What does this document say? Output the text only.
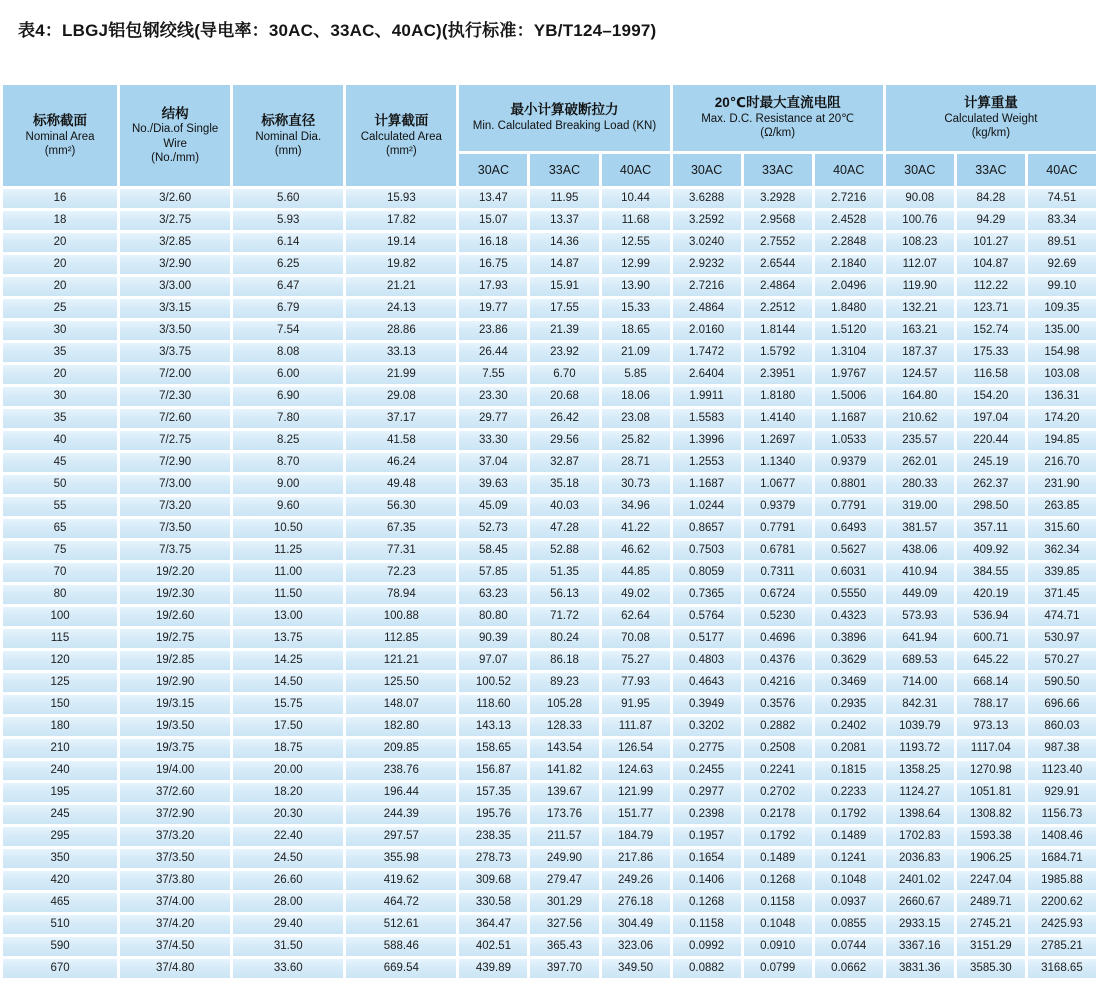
表4：LBGJ铝包钢绞线(导电率：30AC、33AC、40AC)(执行标准：YB/T124–1997)
标称截面
Nominal Area
(mm²)

结构
No./Dia.of Single Wire
(No./mm)

标称直径
Nominal Dia.
(mm)

计算截面
Calculated Area
(mm²)

最小计算破断拉力
Min. Calculated Breaking Load (KN)

20℃时最大直流电阻
Max. D.C. Resistance at 20℃
(Ω/km)

计算重量
Calculated Weight
(kg/km)

				30AC	33AC	40AC	30AC	33AC	40AC	30AC	33AC	40AC
16	3/2.60	5.60	15.93	13.47	11.95	10.44	3.6288	3.2928	2.7216	90.08	84.28	74.51
18	3/2.75	5.93	17.82	15.07	13.37	11.68	3.2592	2.9568	2.4528	100.76	94.29	83.34
20	3/2.85	6.14	19.14	16.18	14.36	12.55	3.0240	2.7552	2.2848	108.23	101.27	89.51
20	3/2.90	6.25	19.82	16.75	14.87	12.99	2.9232	2.6544	2.1840	112.07	104.87	92.69
20	3/3.00	6.47	21.21	17.93	15.91	13.90	2.7216	2.4864	2.0496	119.90	112.22	99.10
25	3/3.15	6.79	24.13	19.77	17.55	15.33	2.4864	2.2512	1.8480	132.21	123.71	109.35
30	3/3.50	7.54	28.86	23.86	21.39	18.65	2.0160	1.8144	1.5120	163.21	152.74	135.00
35	3/3.75	8.08	33.13	26.44	23.92	21.09	1.7472	1.5792	1.3104	187.37	175.33	154.98
20	7/2.00	6.00	21.99	7.55	6.70	5.85	2.6404	2.3951	1.9767	124.57	116.58	103.08
30	7/2.30	6.90	29.08	23.30	20.68	18.06	1.9911	1.8180	1.5006	164.80	154.20	136.31
35	7/2.60	7.80	37.17	29.77	26.42	23.08	1.5583	1.4140	1.1687	210.62	197.04	174.20
40	7/2.75	8.25	41.58	33.30	29.56	25.82	1.3996	1.2697	1.0533	235.57	220.44	194.85
45	7/2.90	8.70	46.24	37.04	32.87	28.71	1.2553	1.1340	0.9379	262.01	245.19	216.70
50	7/3.00	9.00	49.48	39.63	35.18	30.73	1.1687	1.0677	0.8801	280.33	262.37	231.90
55	7/3.20	9.60	56.30	45.09	40.03	34.96	1.0244	0.9379	0.7791	319.00	298.50	263.85
65	7/3.50	10.50	67.35	52.73	47.28	41.22	0.8657	0.7791	0.6493	381.57	357.11	315.60
75	7/3.75	11.25	77.31	58.45	52.88	46.62	0.7503	0.6781	0.5627	438.06	409.92	362.34
70	19/2.20	11.00	72.23	57.85	51.35	44.85	0.8059	0.7311	0.6031	410.94	384.55	339.85
80	19/2.30	11.50	78.94	63.23	56.13	49.02	0.7365	0.6724	0.5550	449.09	420.19	371.45
100	19/2.60	13.00	100.88	80.80	71.72	62.64	0.5764	0.5230	0.4323	573.93	536.94	474.71
115	19/2.75	13.75	112.85	90.39	80.24	70.08	0.5177	0.4696	0.3896	641.94	600.71	530.97
120	19/2.85	14.25	121.21	97.07	86.18	75.27	0.4803	0.4376	0.3629	689.53	645.22	570.27
125	19/2.90	14.50	125.50	100.52	89.23	77.93	0.4643	0.4216	0.3469	714.00	668.14	590.50
150	19/3.15	15.75	148.07	118.60	105.28	91.95	0.3949	0.3576	0.2935	842.31	788.17	696.66
180	19/3.50	17.50	182.80	143.13	128.33	111.87	0.3202	0.2882	0.2402	1039.79	973.13	860.03
210	19/3.75	18.75	209.85	158.65	143.54	126.54	0.2775	0.2508	0.2081	1193.72	1117.04	987.38
240	19/4.00	20.00	238.76	156.87	141.82	124.63	0.2455	0.2241	0.1815	1358.25	1270.98	1123.40
195	37/2.60	18.20	196.44	157.35	139.67	121.99	0.2977	0.2702	0.2233	1124.27	1051.81	929.91
245	37/2.90	20.30	244.39	195.76	173.76	151.77	0.2398	0.2178	0.1792	1398.64	1308.82	1156.73
295	37/3.20	22.40	297.57	238.35	211.57	184.79	0.1957	0.1792	0.1489	1702.83	1593.38	1408.46
350	37/3.50	24.50	355.98	278.73	249.90	217.86	0.1654	0.1489	0.1241	2036.83	1906.25	1684.71
420	37/3.80	26.60	419.62	309.68	279.47	249.26	0.1406	0.1268	0.1048	2401.02	2247.04	1985.88
465	37/4.00	28.00	464.72	330.58	301.29	276.18	0.1268	0.1158	0.0937	2660.67	2489.71	2200.62
510	37/4.20	29.40	512.61	364.47	327.56	304.49	0.1158	0.1048	0.0855	2933.15	2745.21	2425.93
590	37/4.50	31.50	588.46	402.51	365.43	323.06	0.0992	0.0910	0.0744	3367.16	3151.29	2785.21
670	37/4.80	33.60	669.54	439.89	397.70	349.50	0.0882	0.0799	0.0662	3831.36	3585.30	3168.65
